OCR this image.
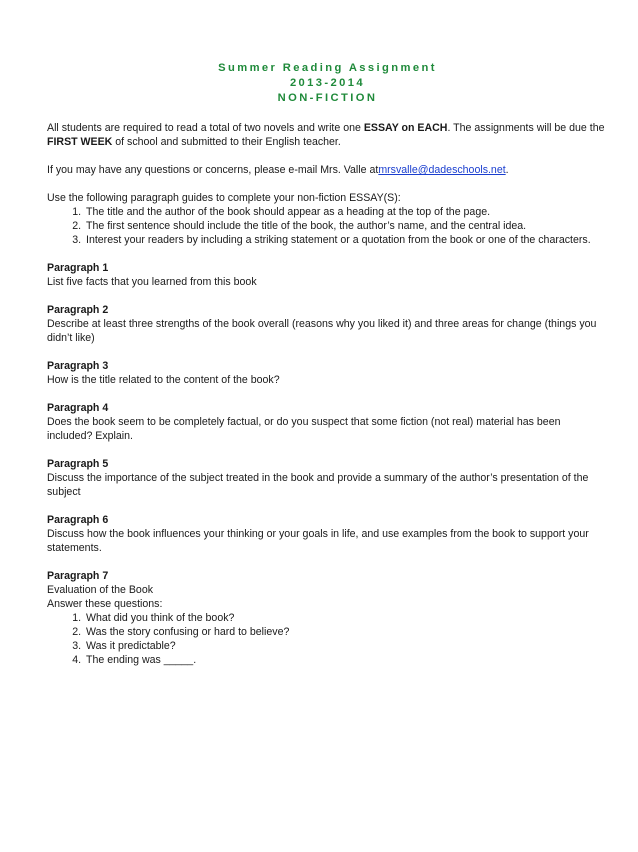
Summer Reading Assignment
2013-2014
NON-FICTION

All students are required to read a total of two novels and write one ESSAY on EACH. The assignments will be due the FIRST WEEK of school and submitted to their English teacher.

If you may have any questions or concerns, please e-mail Mrs. Valle atmrsvalle@dadeschools.net.

Use the following paragraph guides to complete your non-fiction ESSAY(S):

1. The title and the author of the book should appear as a heading at the top of the page.
2. The first sentence should include the title of the book, the author’s name, and the central idea.
3. Interest your readers by including a striking statement or a quotation from the book or one of the characters.

Paragraph 1

List five facts that you learned from this book

Paragraph 2

Describe at least three strengths of the book overall (reasons why you liked it) and three areas for change (things you didn’t like)

Paragraph 3

How is the title related to the content of the book?

Paragraph 4

Does the book seem to be completely factual, or do you suspect that some fiction (not real) material has been included? Explain.

Paragraph 5

Discuss the importance of the subject treated in the book and provide a summary of the author’s presentation of the subject

Paragraph 6

Discuss how the book influences your thinking or your goals in life, and use examples from the book to support your statements.

Paragraph 7

Evaluation of the Book

Answer these questions:

1. What did you think of the book?
2. Was the story confusing or hard to believe?
3. Was it predictable?
4. The ending was _____.
